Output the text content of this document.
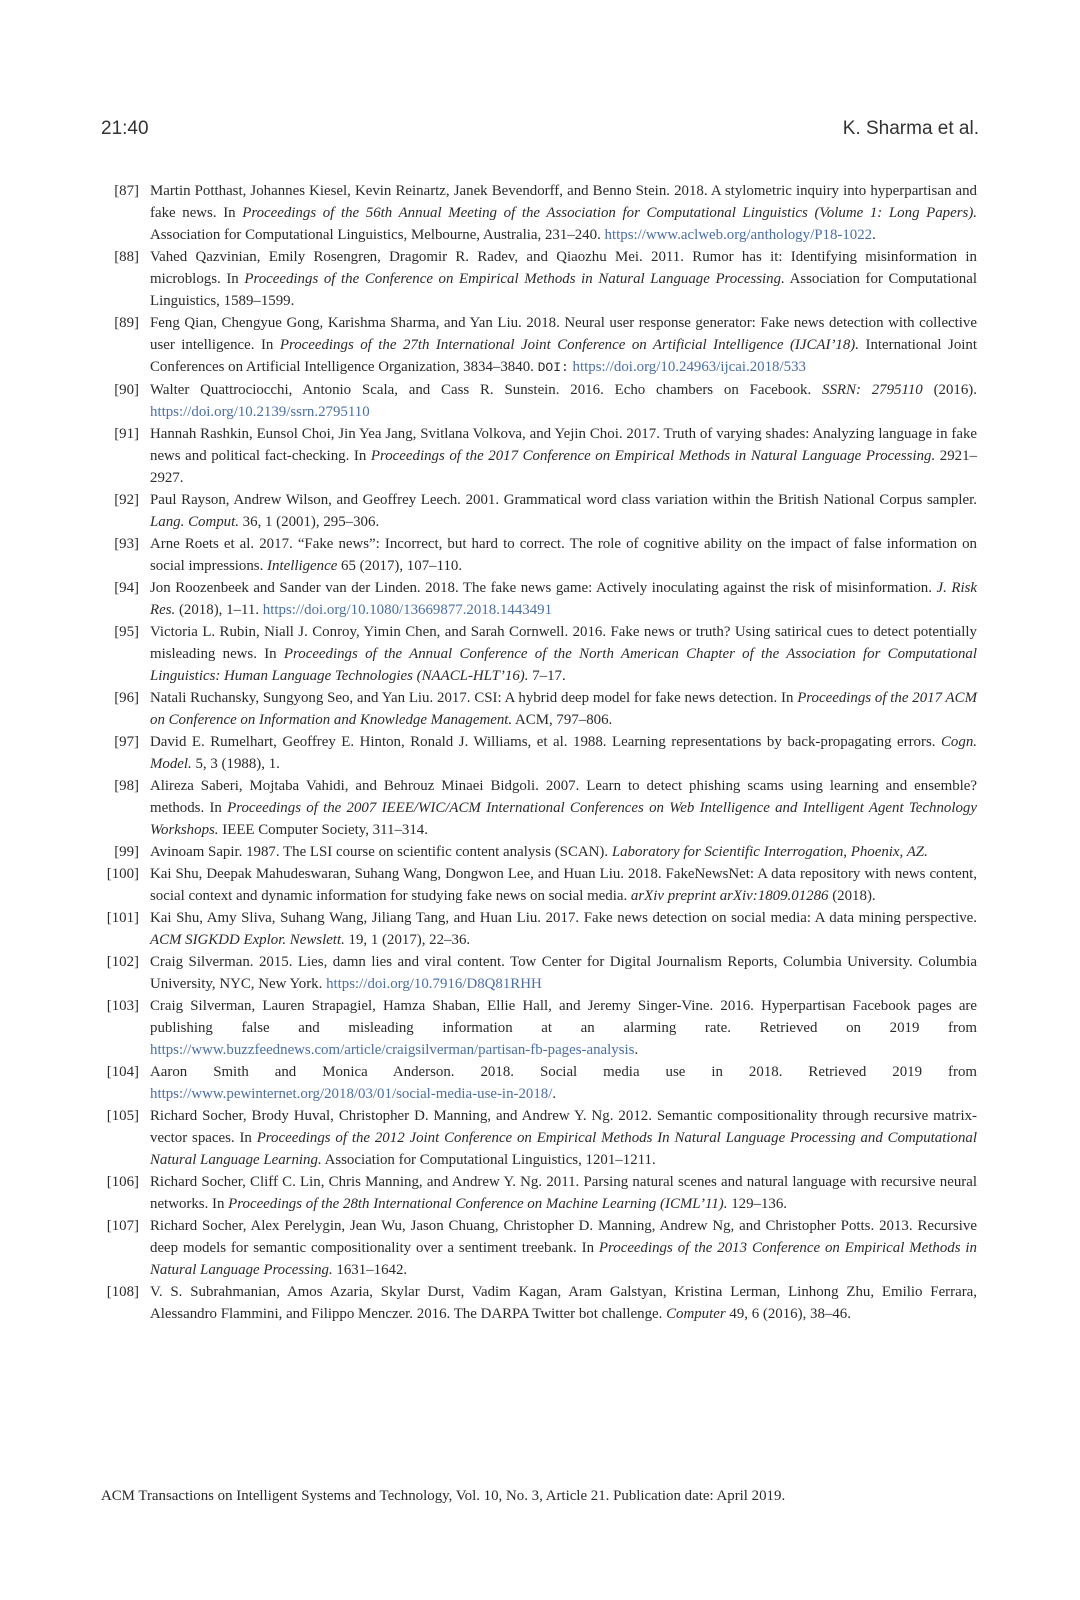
21:40	K. Sharma et al.
[87] Martin Potthast, Johannes Kiesel, Kevin Reinartz, Janek Bevendorff, and Benno Stein. 2018. A stylometric inquiry into hyperpartisan and fake news. In Proceedings of the 56th Annual Meeting of the Association for Computational Linguistics (Volume 1: Long Papers). Association for Computational Linguistics, Melbourne, Australia, 231–240. https://www.aclweb.org/anthology/P18-1022.
[88] Vahed Qazvinian, Emily Rosengren, Dragomir R. Radev, and Qiaozhu Mei. 2011. Rumor has it: Identifying misinformation in microblogs. In Proceedings of the Conference on Empirical Methods in Natural Language Processing. Association for Computational Linguistics, 1589–1599.
[89] Feng Qian, Chengyue Gong, Karishma Sharma, and Yan Liu. 2018. Neural user response generator: Fake news detection with collective user intelligence. In Proceedings of the 27th International Joint Conference on Artificial Intelligence (IJCAI’18). International Joint Conferences on Artificial Intelligence Organization, 3834–3840. DOI: https://doi.org/10.24963/ijcai.2018/533
[90] Walter Quattrociocchi, Antonio Scala, and Cass R. Sunstein. 2016. Echo chambers on Facebook. SSRN: 2795110 (2016). https://doi.org/10.2139/ssrn.2795110
[91] Hannah Rashkin, Eunsol Choi, Jin Yea Jang, Svitlana Volkova, and Yejin Choi. 2017. Truth of varying shades: Analyzing language in fake news and political fact-checking. In Proceedings of the 2017 Conference on Empirical Methods in Natural Language Processing. 2921–2927.
[92] Paul Rayson, Andrew Wilson, and Geoffrey Leech. 2001. Grammatical word class variation within the British National Corpus sampler. Lang. Comput. 36, 1 (2001), 295–306.
[93] Arne Roets et al. 2017. “Fake news”: Incorrect, but hard to correct. The role of cognitive ability on the impact of false information on social impressions. Intelligence 65 (2017), 107–110.
[94] Jon Roozenbeek and Sander van der Linden. 2018. The fake news game: Actively inoculating against the risk of misinformation. J. Risk Res. (2018), 1–11. https://doi.org/10.1080/13669877.2018.1443491
[95] Victoria L. Rubin, Niall J. Conroy, Yimin Chen, and Sarah Cornwell. 2016. Fake news or truth? Using satirical cues to detect potentially misleading news. In Proceedings of the Annual Conference of the North American Chapter of the Association for Computational Linguistics: Human Language Technologies (NAACL-HLT’16). 7–17.
[96] Natali Ruchansky, Sungyong Seo, and Yan Liu. 2017. CSI: A hybrid deep model for fake news detection. In Proceedings of the 2017 ACM on Conference on Information and Knowledge Management. ACM, 797–806.
[97] David E. Rumelhart, Geoffrey E. Hinton, Ronald J. Williams, et al. 1988. Learning representations by back-propagating errors. Cogn. Model. 5, 3 (1988), 1.
[98] Alireza Saberi, Mojtaba Vahidi, and Behrouz Minaei Bidgoli. 2007. Learn to detect phishing scams using learning and ensemble? methods. In Proceedings of the 2007 IEEE/WIC/ACM International Conferences on Web Intelligence and Intelligent Agent Technology Workshops. IEEE Computer Society, 311–314.
[99] Avinoam Sapir. 1987. The LSI course on scientific content analysis (SCAN). Laboratory for Scientific Interrogation, Phoenix, AZ.
[100] Kai Shu, Deepak Mahudeswaran, Suhang Wang, Dongwon Lee, and Huan Liu. 2018. FakeNewsNet: A data repository with news content, social context and dynamic information for studying fake news on social media. arXiv preprint arXiv:1809.01286 (2018).
[101] Kai Shu, Amy Sliva, Suhang Wang, Jiliang Tang, and Huan Liu. 2017. Fake news detection on social media: A data mining perspective. ACM SIGKDD Explor. Newslett. 19, 1 (2017), 22–36.
[102] Craig Silverman. 2015. Lies, damn lies and viral content. Tow Center for Digital Journalism Reports, Columbia University. Columbia University, NYC, New York. https://doi.org/10.7916/D8Q81RHH
[103] Craig Silverman, Lauren Strapagiel, Hamza Shaban, Ellie Hall, and Jeremy Singer-Vine. 2016. Hyperpartisan Facebook pages are publishing false and misleading information at an alarming rate. Retrieved on 2019 from https://www.buzzfeednews.com/article/craigsilverman/partisan-fb-pages-analysis.
[104] Aaron Smith and Monica Anderson. 2018. Social media use in 2018. Retrieved 2019 from https://www.pewinternet.org/2018/03/01/social-media-use-in-2018/.
[105] Richard Socher, Brody Huval, Christopher D. Manning, and Andrew Y. Ng. 2012. Semantic compositionality through recursive matrix-vector spaces. In Proceedings of the 2012 Joint Conference on Empirical Methods In Natural Language Processing and Computational Natural Language Learning. Association for Computational Linguistics, 1201–1211.
[106] Richard Socher, Cliff C. Lin, Chris Manning, and Andrew Y. Ng. 2011. Parsing natural scenes and natural language with recursive neural networks. In Proceedings of the 28th International Conference on Machine Learning (ICML’11). 129–136.
[107] Richard Socher, Alex Perelygin, Jean Wu, Jason Chuang, Christopher D. Manning, Andrew Ng, and Christopher Potts. 2013. Recursive deep models for semantic compositionality over a sentiment treebank. In Proceedings of the 2013 Conference on Empirical Methods in Natural Language Processing. 1631–1642.
[108] V. S. Subrahmanian, Amos Azaria, Skylar Durst, Vadim Kagan, Aram Galstyan, Kristina Lerman, Linhong Zhu, Emilio Ferrara, Alessandro Flammini, and Filippo Menczer. 2016. The DARPA Twitter bot challenge. Computer 49, 6 (2016), 38–46.
ACM Transactions on Intelligent Systems and Technology, Vol. 10, No. 3, Article 21. Publication date: April 2019.
